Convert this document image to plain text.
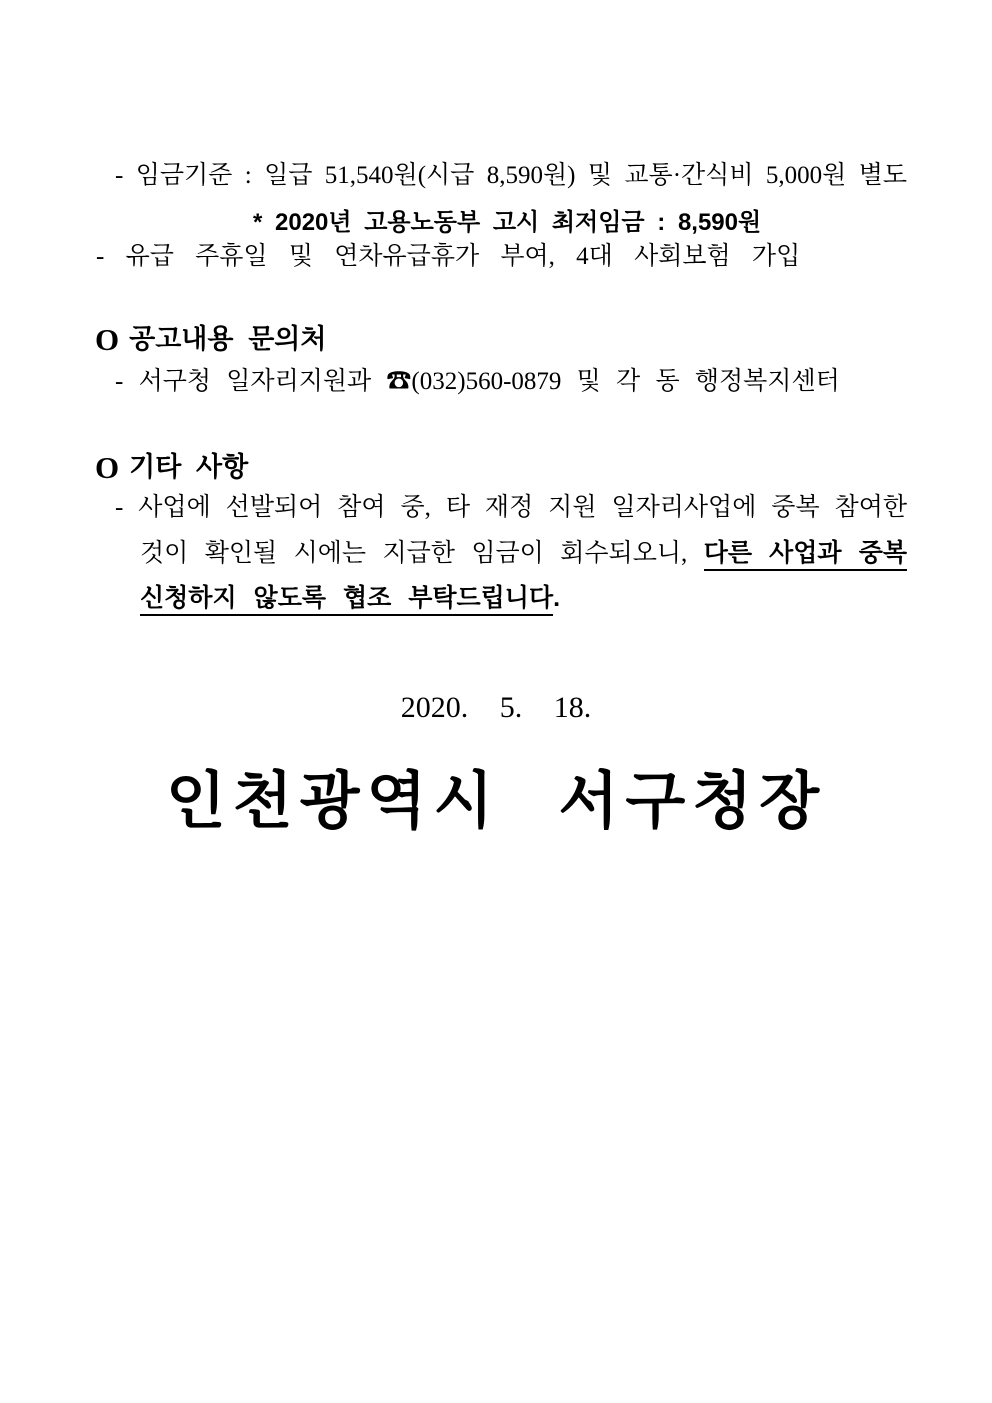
- 임금기준 : 일급 51,540원(시급 8,590원) 및 교통·간식비 5,000원 별도
* 2020년 고용노동부 고시 최저임금 : 8,590원
- 유급 주휴일 및 연차유급휴가 부여, 4대 사회보험 가입
O 공고내용 문의처
- 서구청 일자리지원과 ☎(032)560-0879 및 각 동 행정복지센터
O 기타 사항
- 사업에 선발되어 참여 중, 타 재정 지원 일자리사업에 중복 참여한
것이 확인될 시에는 지급한 임금이 회수되오니, 다른 사업과 중복
신청하지 않도록 협조 부탁드립니다.
2020. 5. 18.
인천광역시 서구청장
